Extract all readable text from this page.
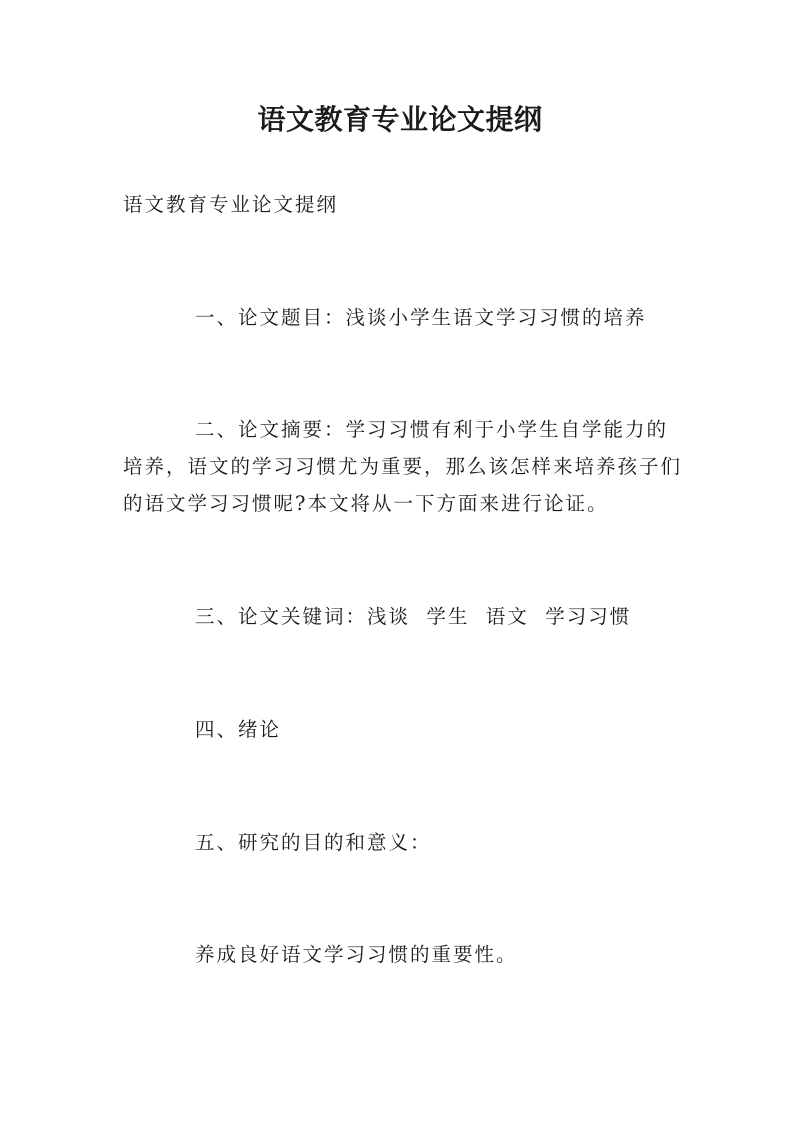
语文教育专业论文提纲

语文教育专业论文提纲

一、论文题目：浅谈小学生语文学习习惯的培养

二、论文摘要：学习习惯有利于小学生自学能力的培养，语文的学习习惯尤为重要，那么该怎样来培养孩子们的语文学习习惯呢?本文将从一下方面来进行论证。

三、论文关键词：浅谈  学生  语文  学习习惯

四、绪论

五、研究的目的和意义：

养成良好语文学习习惯的重要性。
